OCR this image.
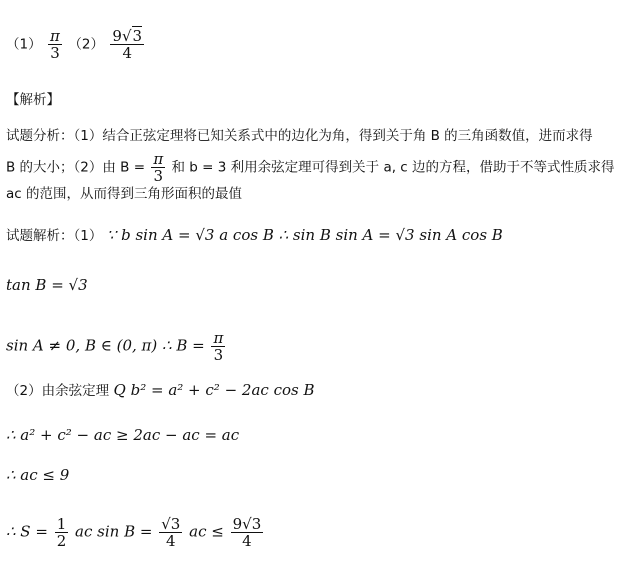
$(1) \frac{\pi}{3} (2) \frac{9√3}{4}$
【解析】
试题分析：（1）结合正弦定理将已知关系式中的边化为角，得到关于角 B 的三角函数值，进而求得
B 的大小；（2）由 $B = \frac{\pi}{3}$ 和 b = 3 利用余弦定理可得到关于 a, c 边的方程，借助于不等式性质求得
ac 的范围，从而得到三角形面积的最值
试题解析：（1） ∵ b sin A = √3 a cos B ∴ sin B sin A = √3 sin A cos B
tan B = √3
sin A ≠ 0, B ∈ (0, π) ∴ $B = \frac{\pi}{3}$
（2）由余弦定理 Q b² = a² + c² − 2ac cos B
∴ a² + c² − ac ≥ 2ac − ac = ac
∴ ac ≤ 9
∴ $S = \frac{1}{2}$ ac $\sin B = \frac{√3}{4}$ ac ≤ $\frac{9√3}{4}$
